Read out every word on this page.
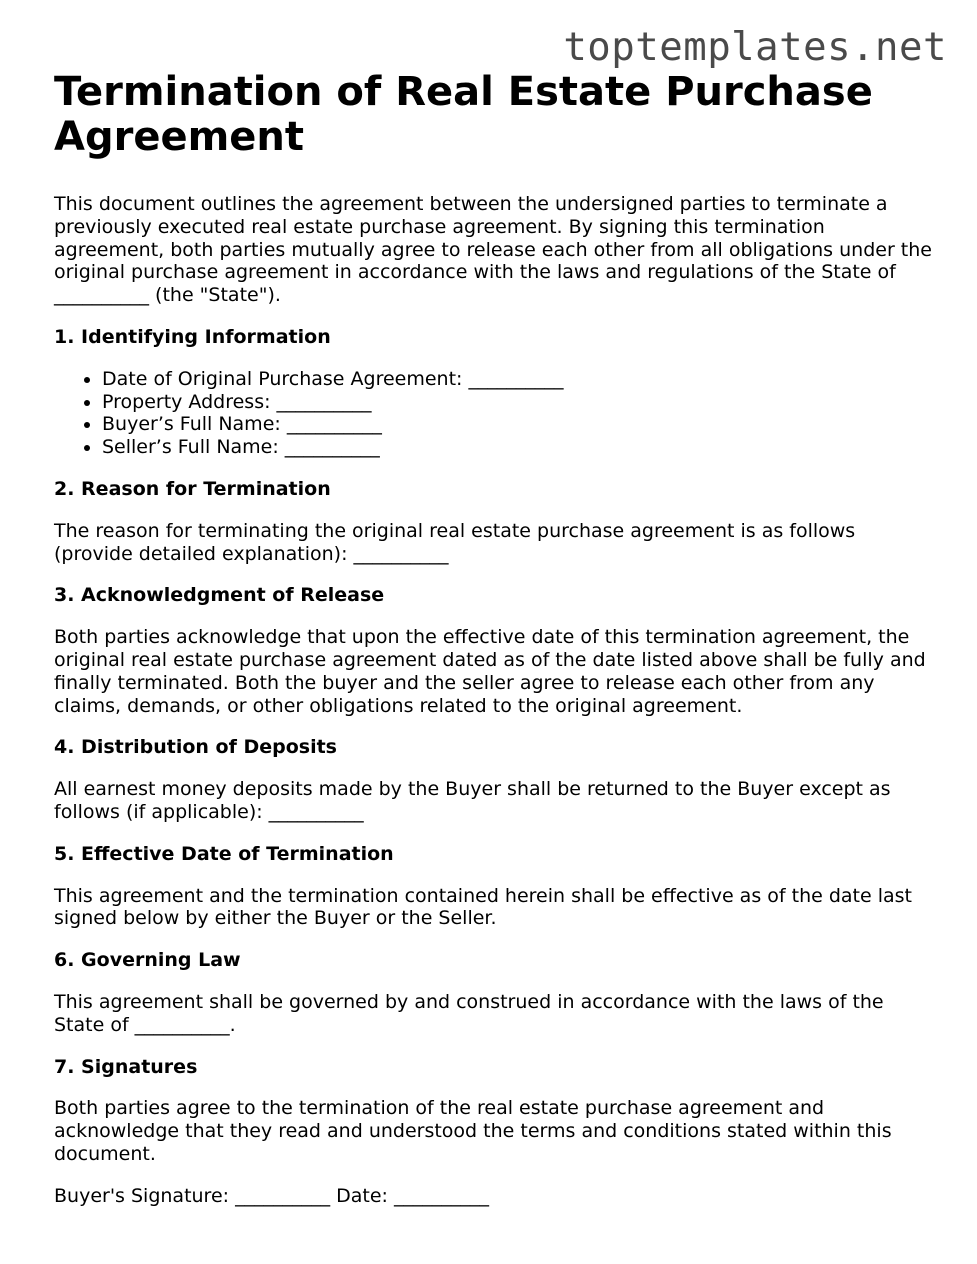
toptemplates.net
Termination of Real Estate Purchase Agreement

This document outlines the agreement between the undersigned parties to terminate a previously executed real estate purchase agreement. By signing this termination agreement, both parties mutually agree to release each other from all obligations under the original purchase agreement in accordance with the laws and regulations of the State of __________ (the "State").

1. Identifying Information
• Date of Original Purchase Agreement: __________
• Property Address: __________
• Buyer’s Full Name: __________
• Seller’s Full Name: __________
2. Reason for Termination

The reason for terminating the original real estate purchase agreement is as follows (provide detailed explanation): __________

3. Acknowledgment of Release

Both parties acknowledge that upon the effective date of this termination agreement, the original real estate purchase agreement dated as of the date listed above shall be fully and finally terminated. Both the buyer and the seller agree to release each other from any claims, demands, or other obligations related to the original agreement.

4. Distribution of Deposits

All earnest money deposits made by the Buyer shall be returned to the Buyer except as follows (if applicable): __________

5. Effective Date of Termination

This agreement and the termination contained herein shall be effective as of the date last signed below by either the Buyer or the Seller.

6. Governing Law

This agreement shall be governed by and construed in accordance with the laws of the State of __________.

7. Signatures

Both parties agree to the termination of the real estate purchase agreement and acknowledge that they read and understood the terms and conditions stated within this document.

Buyer's Signature: __________ Date: __________
